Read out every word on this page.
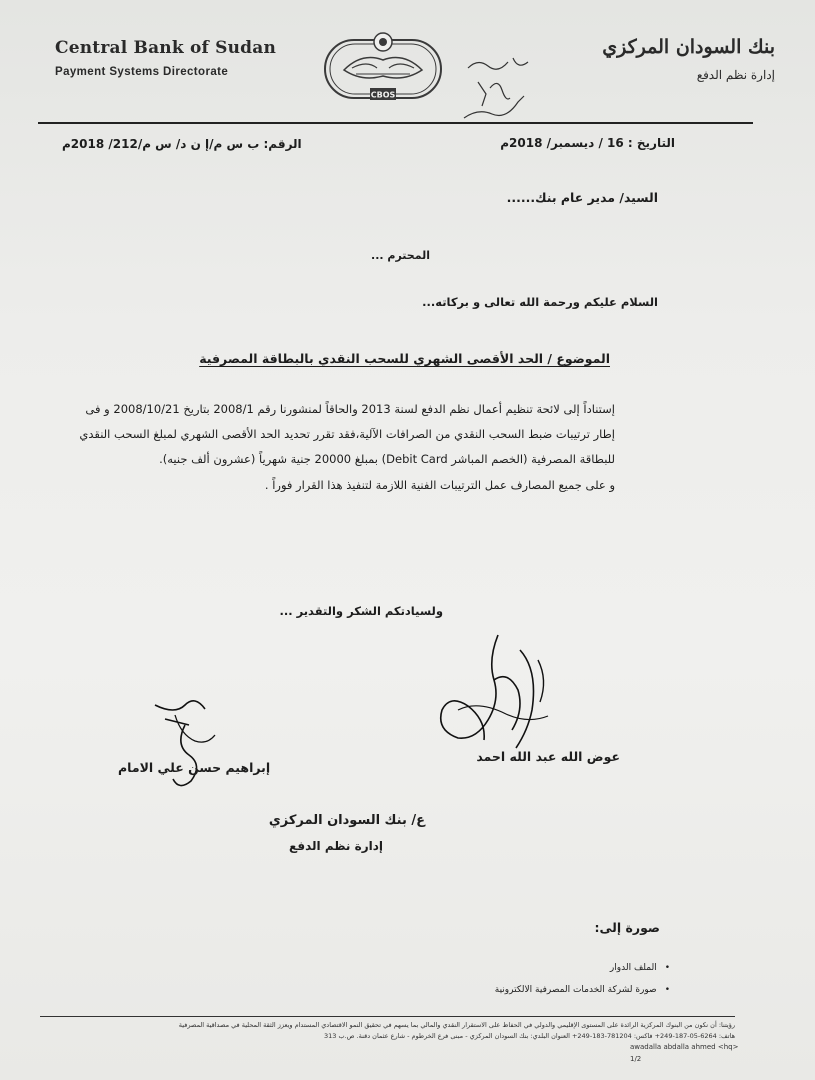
Central Bank of Sudan
Payment Systems Directorate
CBOS
بنك السودان المركزي
إدارة نظم الدفع
التاريخ : 16 / ديسمبر/ 2018م
الرقم: ب س م/إ ن د/ س م/212/ 2018م
السيد/ مدير عام بنك......
المحترم ...
السلام عليكم ورحمة الله تعالى و بركاته...
الموضوع / الحد الأقصى الشهري للسحب النقدي بالبطاقة المصرفية
إستناداً إلى لائحة تنظيم أعمال نظم الدفع لسنة 2013 والحاقاً لمنشورنا رقم 2008/1 بتاريخ 2008/10/21 و فى
إطار ترتيبات ضبط السحب النقدي من الصرافات الآلية،فقد تقرر تحديد الحد الأقصى الشهري لمبلغ السحب النقدي
للبطاقة المصرفية (الخصم المباشر Debit Card) بمبلغ 20000 جنية شهرياً (عشرون ألف جنيه).
و على جميع المصارف عمل الترتيبات الفنية اللازمة لتنفيذ هذا القرار فوراً .
ولسيادتكم الشكر والتقدير ...
عوض الله عبد الله احمد
إبراهيم حسن علي الامام
ع/ بنك السودان المركزي
إدارة نظم الدفع
صورة إلى:
• الملف الدوار
• صورة لشركة الخدمات المصرفية الالكترونية
رؤيتنا: أن نكون من البنوك المركزية الرائدة على المستوى الإقليمي والدولي في الحفاظ على الاستقرار النقدي والمالي بما يسهم في تحقيق النمو الاقتصادي المستدام ويعزز الثقة المحلية في مصداقية المصرفية
هاتف: 6264-05-187-249+ فاكس: 781204-183-249+ العنوان البلدي: بنك السودان المركزي - مبنى فرع الخرطوم - شارع عثمان دقنة. ص.ب 313
awadalla abdalla ahmed <hq>
1/2
